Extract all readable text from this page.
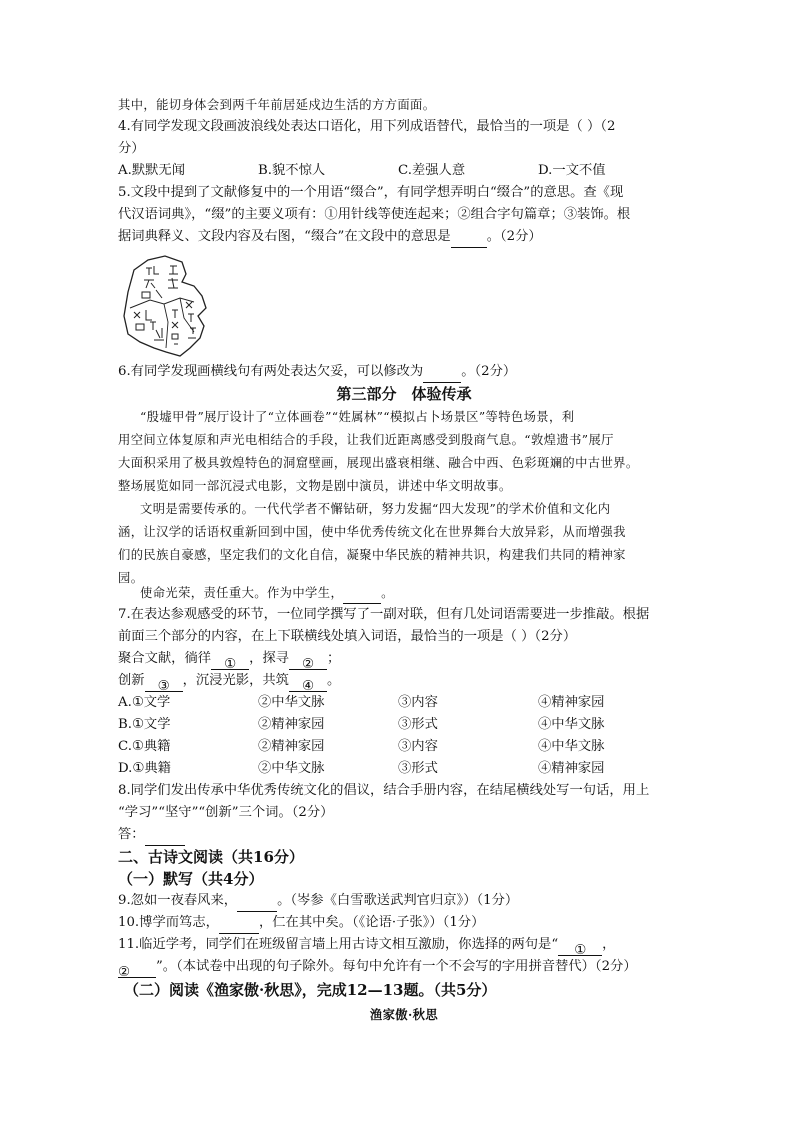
其中，能切身体会到两千年前居延戍边生活的方方面面。
4.有同学发现文段画波浪线处表达口语化，用下列成语替代，最恰当的一项是（ ）（2
分）
A.默默无闻	B.貌不惊人	C.差强人意	D.一文不值
5.文段中提到了文献修复中的一个用语“缀合”，有同学想弄明白“缀合”的意思。查《现
代汉语词典》，“缀”的主要义项有：①用针线等使连起来；②组合字句篇章；③装饰。根
据词典释义、文段内容及右图，“缀合”在文段中的意思是	。（2分）
6.有同学发现画横线句有两处表达欠妥，可以修改为	。（2分）
第三部分　体验传承
“殷墟甲骨”展厅设计了“立体画卷”“姓属林”“模拟占卜场景区”等特色场景，利
用空间立体复原和声光电相结合的手段，让我们近距离感受到殷商气息。“敦煌遗书”展厅
大面积采用了极具敦煌特色的洞窟壁画，展现出盛衰相继、融合中西、色彩斑斓的中古世界。
整场展览如同一部沉浸式电影，文物是剧中演员，讲述中华文明故事。
文明是需要传承的。一代代学者不懈钻研，努力发掘“四大发现”的学术价值和文化内
涵，让汉学的话语权重新回到中国，使中华优秀传统文化在世界舞台大放异彩，从而增强我
们的民族自豪感，坚定我们的文化自信，凝聚中华民族的精神共识，构建我们共同的精神家
园。
使命光荣，责任重大。作为中学生，	。
7.在表达参观感受的环节，一位同学撰写了一副对联，但有几处词语需要进一步推敲。根据
前面三个部分的内容，在上下联横线处填入词语，最恰当的一项是（ ）（2分）
聚合文献，徜徉 ① ，探寻 ② ；
创新 ③ ，沉浸光影，共筑 ④ 。
A.①文学	②中华文脉	③内容	④精神家园
B.①文学	②精神家园	③形式	④中华文脉
C.①典籍	②精神家园	③内容	④中华文脉
D.①典籍	②中华文脉	③形式	④精神家园
8.同学们发出传承中华优秀传统文化的倡议，结合手册内容，在结尾横线处写一句话，用上
“学习”“坚守”“创新”三个词。（2分）
答：
二、古诗文阅读（共16分）
（一）默写（共4分）
9.忽如一夜春风来，	。（岑参《白雪歌送武判官归京》）（1分）
10.博学而笃志，	，仁在其中矣。（《论语·子张》）（1分）
11.临近学考，同学们在班级留言墙上用古诗文相互激励，你选择的两句是“ ① ，
② ”。（本试卷中出现的句子除外。每句中允许有一个不会写的字用拼音替代）（2分）
（二）阅读《渔家傲·秋思》，完成12—13题。（共5分）
渔家傲·秋思
